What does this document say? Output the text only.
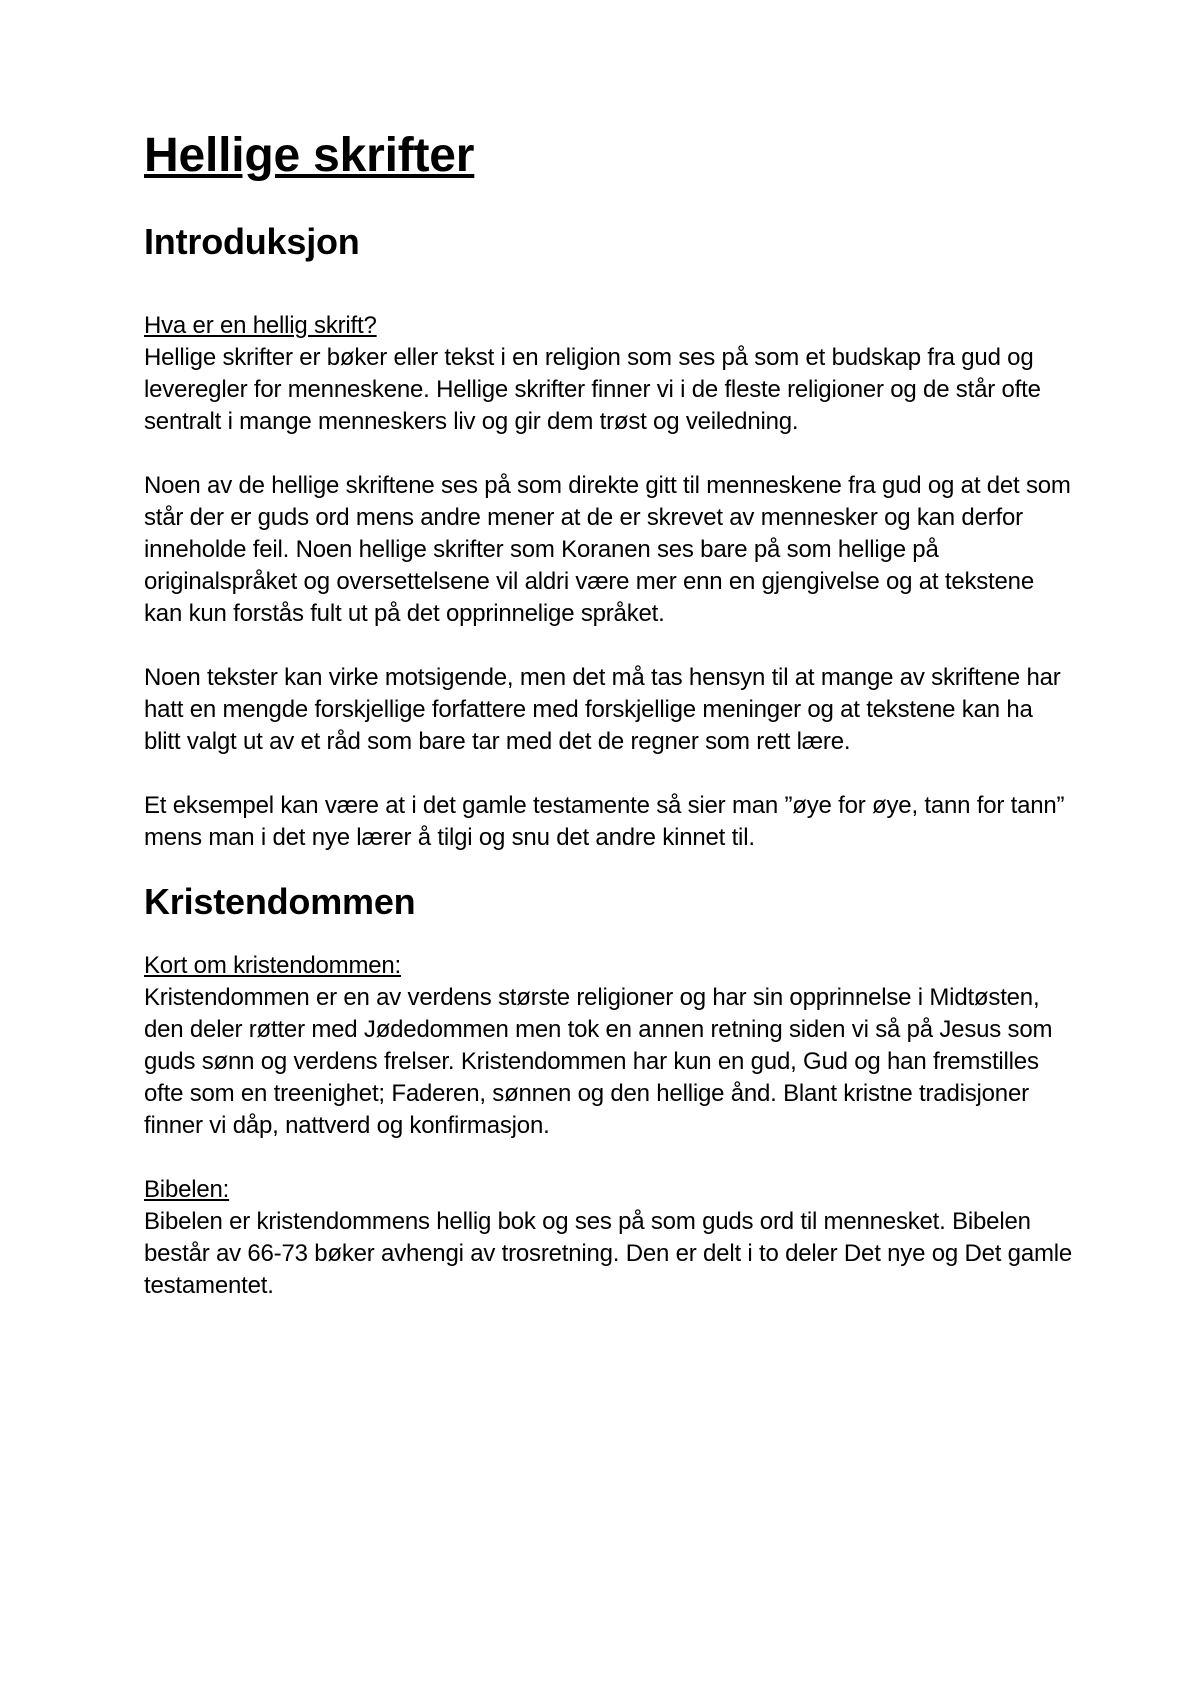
Hellige skrifter
Introduksjon
Hva er en hellig skrift?

Hellige skrifter er bøker eller tekst i en religion som ses på som et budskap fra gud og leveregler for menneskene. Hellige skrifter finner vi i de fleste religioner og de står ofte sentralt i mange menneskers liv og gir dem trøst og veiledning.

Noen av de hellige skriftene ses på som direkte gitt til menneskene fra gud og at det som står der er guds ord mens andre mener at de er skrevet av mennesker og kan derfor inneholde feil. Noen hellige skrifter som Koranen ses bare på som hellige på originalspråket og oversettelsene vil aldri være mer enn en gjengivelse og at tekstene kan kun forstås fult ut på det opprinnelige språket.

Noen tekster kan virke motsigende, men det må tas hensyn til at mange av skriftene har hatt en mengde forskjellige forfattere med forskjellige meninger og at tekstene kan ha blitt valgt ut av et råd som bare tar med det de regner som rett lære.

Et eksempel kan være at i det gamle testamente så sier man ”øye for øye, tann for tann” mens man i det nye lærer å tilgi og snu det andre kinnet til.

Kristendommen
Kort om kristendommen:

Kristendommen er en av verdens største religioner og har sin opprinnelse i Midtøsten, den deler røtter med Jødedommen men tok en annen retning siden vi så på Jesus som guds sønn og verdens frelser. Kristendommen har kun en gud, Gud og han fremstilles ofte som en treenighet; Faderen, sønnen og den hellige ånd. Blant kristne tradisjoner finner vi dåp, nattverd og konfirmasjon.

Bibelen:

Bibelen er kristendommens hellig bok og ses på som guds ord til mennesket. Bibelen består av 66-73 bøker avhengi av trosretning. Den er delt i to deler Det nye og Det gamle testamentet.
